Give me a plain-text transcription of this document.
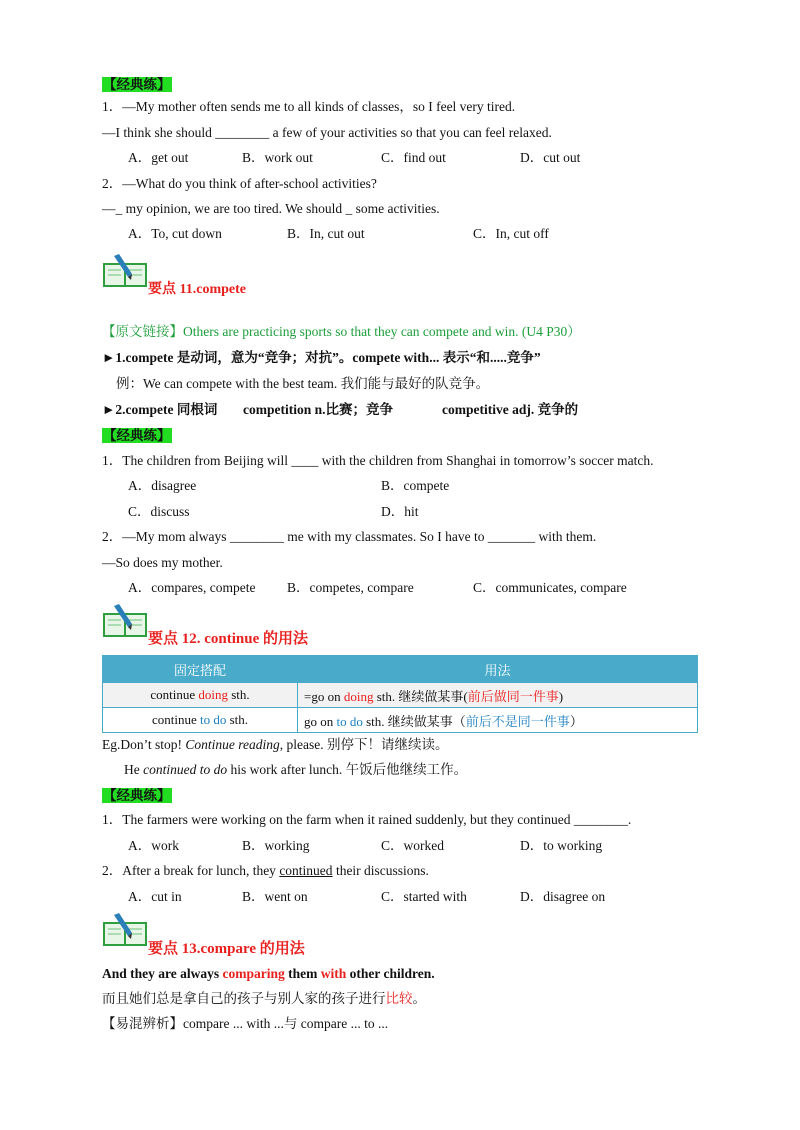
【经典练】
1．—My mother often sends me to all kinds of classes，so I feel very tired.
—I think she should ________ a few of your activities so that you can feel relaxed.
A．get out	B．work out	C．find out	D．cut out
2．—What do you think of after-school activities?
—_ my opinion, we are too tired. We should _ some activities.
A．To, cut down	B．In, cut out	C．In, cut off
要点 11.compete
【原文链接】Others are practicing sports so that they can compete and win. (U4 P30）
►1.compete 是动词，意为“竞争；对抗”。compete with... 表示“和.....竞争”
例：We can compete with the best team. 我们能与最好的队竞争。
►2.compete 同根词 competition n.比赛；竞争	competitive adj. 竞争的
【经典练】
1．The children from Beijing will ____ with the children from Shanghai in tomorrow’s soccer match.
A．disagree	B．compete
C．discuss	D．hit
2．—My mom always ________ me with my classmates. So I have to _______ with them.
—So does my mother.
A．compares, compete B．competes, compare	C．communicates, compare
要点 12. continue 的用法
固定搭配	用法
continue doing sth.	=go on doing sth. 继续做某事(前后做同一件事)
continue to do sth.	go on to do sth. 继续做某事（前后不是同一件事）
Eg.Don’t stop! Continue reading, please. 别停下！请继续读。
He continued to do his work after lunch. 午饭后他继续工作。
【经典练】
1．The farmers were working on the farm when it rained suddenly, but they continued ________.
A．work	B．working	C．worked	D．to working
2．After a break for lunch, they continued their discussions.
A．cut in	B．went on	C．started with	D．disagree on
要点 13.compare 的用法
And they are always comparing them with other children.
而且她们总是拿自己的孩子与别人家的孩子进行比较。
【易混辨析】compare ... with ...与 compare ... to ...
